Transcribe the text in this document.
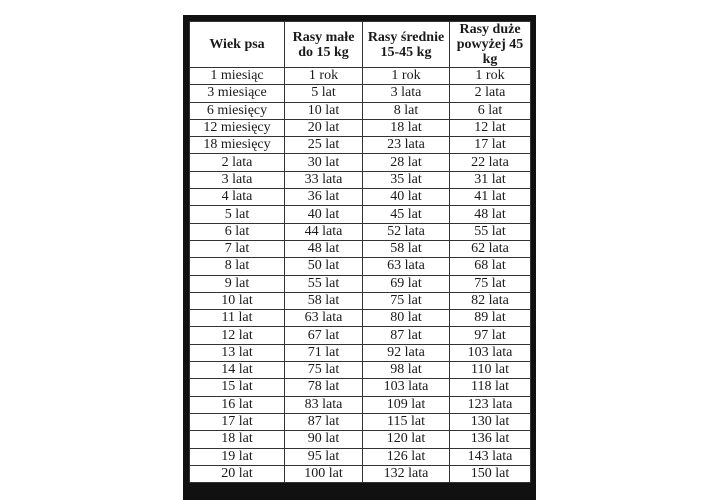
Wiek psa	Rasy małe do 15 kg	Rasy średnie 15-45 kg	Rasy duże powyżej 45 kg
1 miesiąc	1 rok	1 rok	1 rok
3 miesiące	5 lat	3 lata	2 lata
6 miesięcy	10 lat	8 lat	6 lat
12 miesięcy	20 lat	18 lat	12 lat
18 miesięcy	25 lat	23 lata	17 lat
2 lata	30 lat	28 lat	22 lata
3 lata	33 lata	35 lat	31 lat
4 lata	36 lat	40 lat	41 lat
5 lat	40 lat	45 lat	48 lat
6 lat	44 lata	52 lata	55 lat
7 lat	48 lat	58 lat	62 lata
8 lat	50 lat	63 lata	68 lat
9 lat	55 lat	69 lat	75 lat
10 lat	58 lat	75 lat	82 lata
11 lat	63 lata	80 lat	89 lat
12 lat	67 lat	87 lat	97 lat
13 lat	71 lat	92 lata	103 lata
14 lat	75 lat	98 lat	110 lat
15 lat	78 lat	103 lata	118 lat
16 lat	83 lata	109 lat	123 lata
17 lat	87 lat	115 lat	130 lat
18 lat	90 lat	120 lat	136 lat
19 lat	95 lat	126 lat	143 lata
20 lat	100 lat	132 lata	150 lat
